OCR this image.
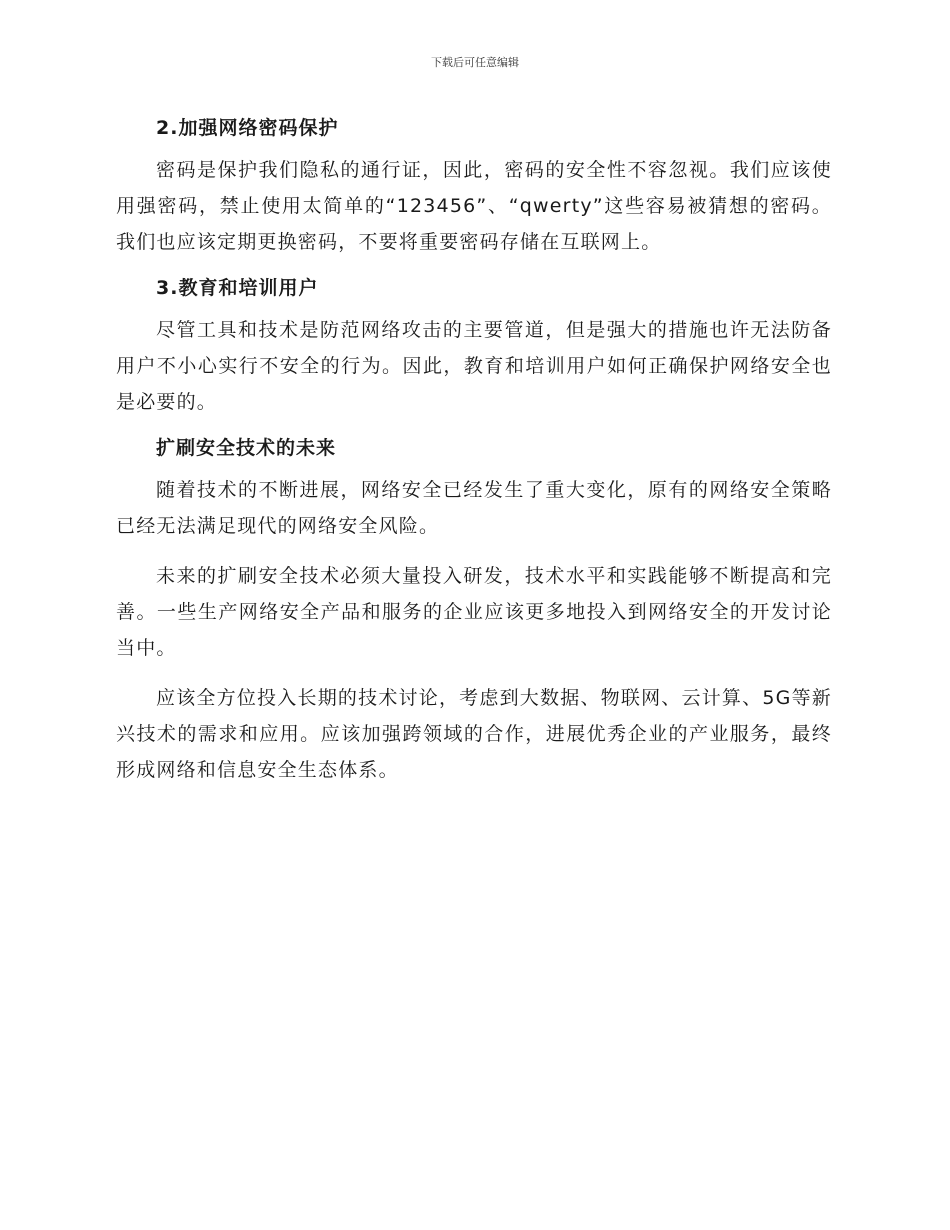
下载后可任意编辑
2.加强网络密码保护

密码是保护我们隐私的通行证，因此，密码的安全性不容忽视。我们应该使用强密码，禁止使用太简单的“123456”、“qwerty”这些容易被猜想的密码。我们也应该定期更换密码，不要将重要密码存储在互联网上。

3.教育和培训用户

尽管工具和技术是防范网络攻击的主要管道，但是强大的措施也许无法防备用户不小心实行不安全的行为。因此，教育和培训用户如何正确保护网络安全也是必要的。

扩刷安全技术的未来

随着技术的不断进展，网络安全已经发生了重大变化，原有的网络安全策略已经无法满足现代的网络安全风险。

未来的扩刷安全技术必须大量投入研发，技术水平和实践能够不断提高和完善。一些生产网络安全产品和服务的企业应该更多地投入到网络安全的开发讨论当中。

应该全方位投入长期的技术讨论，考虑到大数据、物联网、云计算、5G等新兴技术的需求和应用。应该加强跨领域的合作，进展优秀企业的产业服务，最终形成网络和信息安全生态体系。
